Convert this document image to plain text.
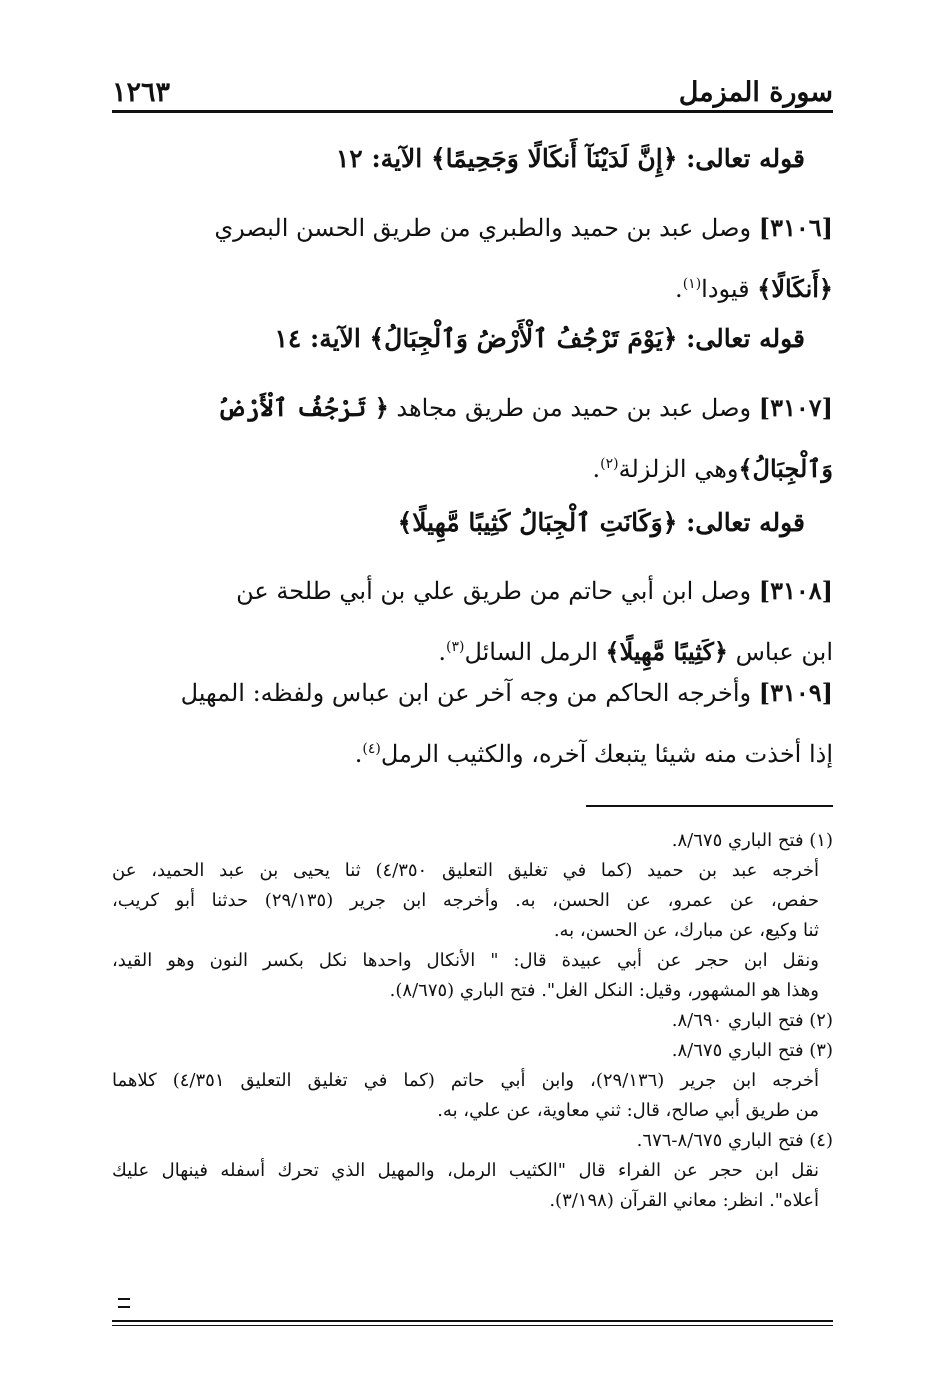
سورة المزمل
١٢٦٣
قوله تعالى: ﴿إِنَّ لَدَيْنَآ أَنكَالًا وَجَحِيمًا﴾ الآية: ١٢
[٣١٠٦] وصل عبد بن حميد والطبري من طريق الحسن البصري
﴿أَنكَالًا﴾ قيودا$^{(١)}$.
قوله تعالى: ﴿يَوْمَ تَرْجُفُ ٱلْأَرْضُ وَٱلْجِبَالُ﴾ الآية: ١٤
[٣١٠٧] وصل عبد بن حميد من طريق مجاهد ﴿ تَرْجُفُ ٱلْأَرْضُ
وَٱلْجِبَالُ﴾وهي الزلزلة$^{(٢)}$.
قوله تعالى: ﴿وَكَانَتِ ٱلْجِبَالُ كَثِيبًا مَّهِيلًا﴾
[٣١٠٨] وصل ابن أبي حاتم من طريق علي بن أبي طلحة عن
ابن عباس ﴿كَثِيبًا مَّهِيلًا﴾ الرمل السائل$^{(٣)}$.
[٣١٠٩] وأخرجه الحاكم من وجه آخر عن ابن عباس ولفظه: المهيل
إذا أخذت منه شيئا يتبعك آخره، والكثيب الرمل$^{(٤)}$.
(١) فتح الباري ٨/٦٧٥.
أخرجه عبد بن حميد (كما في تغليق التعليق ٤/٣٥٠) ثنا يحيى بن عبد الحميد، عن
حفص، عن عمرو، عن الحسن، به. وأخرجه ابن جرير (٢٩/١٣٥) حدثنا أبو كريب،
ثنا وكيع، عن مبارك، عن الحسن، به.
ونقل ابن حجر عن أبي عبيدة قال: " الأنكال واحدها نكل بكسر النون وهو القيد،
وهذا هو المشهور، وقيل: النكل الغل". فتح الباري (٨/٦٧٥).
(٢) فتح الباري ٨/٦٩٠.
(٣) فتح الباري ٨/٦٧٥.
أخرجه ابن جرير (٢٩/١٣٦)، وابن أبي حاتم (كما في تغليق التعليق ٤/٣٥١) كلاهما
من طريق أبي صالح، قال: ثني معاوية، عن علي، به.
(٤) فتح الباري ٨/٦٧٥-٦٧٦.
نقل ابن حجر عن الفراء قال "الكثيب الرمل، والمهيل الذي تحرك أسفله فينهال عليك
أعلاه". انظر: معاني القرآن (٣/١٩٨).
